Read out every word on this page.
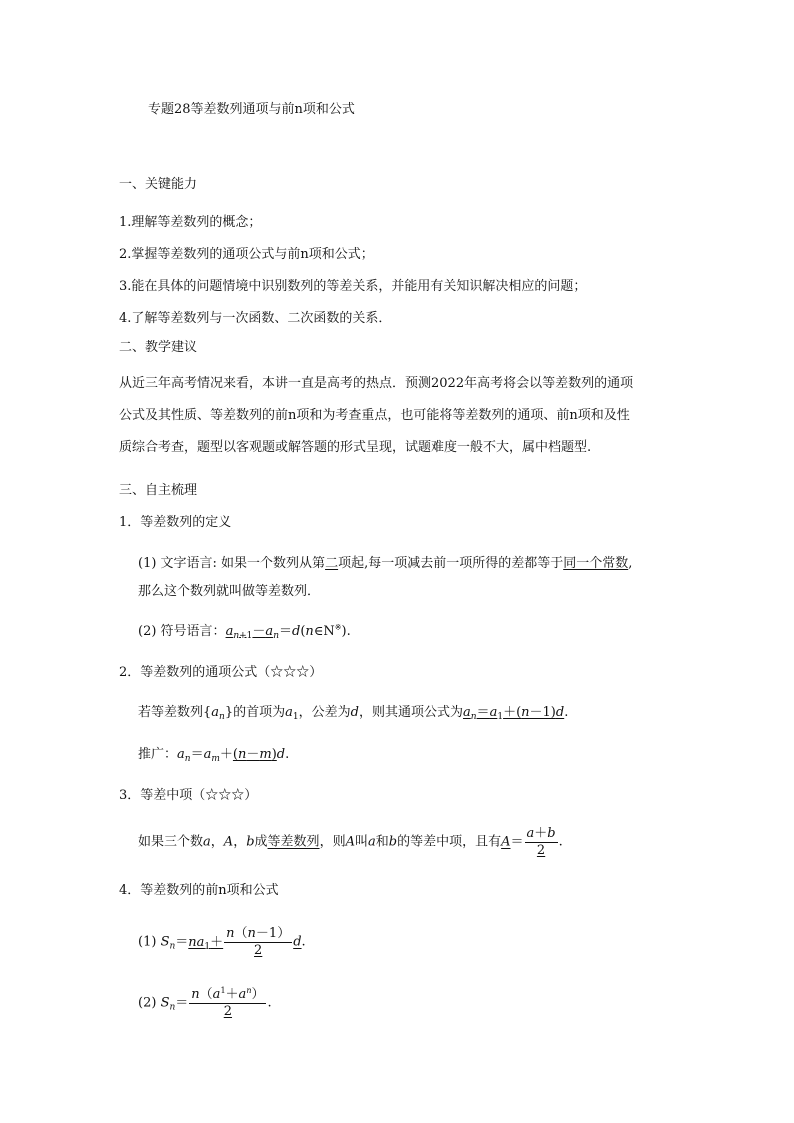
专题28等差数列通项与前n项和公式
一、关键能力
1.理解等差数列的概念；
2.掌握等差数列的通项公式与前n项和公式；
3.能在具体的问题情境中识别数列的等差关系，并能用有关知识解决相应的问题；
4.了解等差数列与一次函数、二次函数的关系．
二、教学建议
从近三年高考情况来看，本讲一直是高考的热点．预测2022年高考将会以等差数列的通项
公式及其性质、等差数列的前n项和为考查重点，也可能将等差数列的通项、前n项和及性
质综合考查，题型以客观题或解答题的形式呈现，试题难度一般不大，属中档题型.
三、自主梳理
1．等差数列的定义
(1) 文字语言: 如果一个数列从第二项起,每一项减去前一项所得的差都等于同一个常数,
那么这个数列就叫做等差数列．
(2) 符号语言：$a_{n+1}-a_n=d(n\in N^※)$.
2．等差数列的通项公式（☆☆☆）
若等差数列$\{a_n\}$的首项为$a_1$，公差为d，则其通项公式为$a_n=a_1+(n-1)d$.
推广：$a_n=a_m+(n-m)d$.
3．等差中项（☆☆☆）
如果三个数a，A，b成等差数列，则A叫a和b的等差中项，且有$A= \frac{a+b}{2}$ .
4．等差数列的前n项和公式
(1) $S_n=na_1+ \frac{n(n-1)}{2} d$.
(2) $S_n= \frac{n(a^1+a^n)}{2}$ .
